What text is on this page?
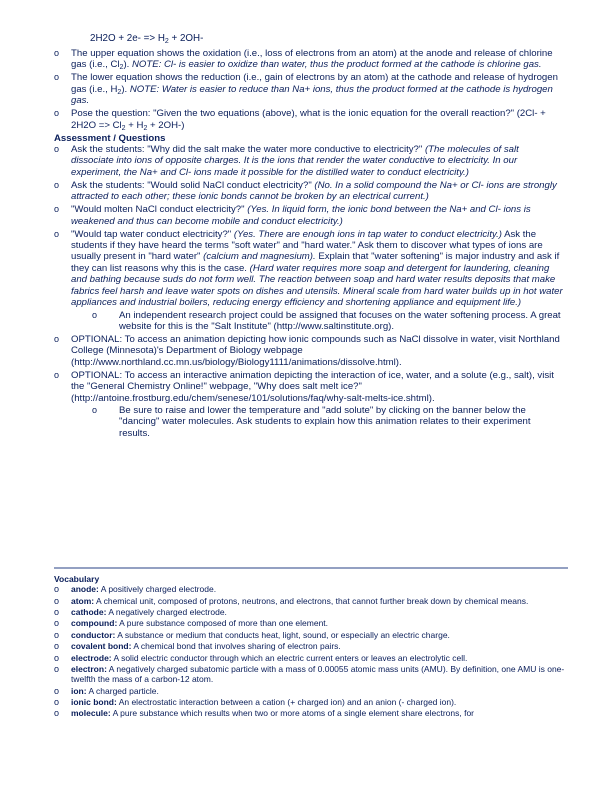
$2H2O + 2e- => H_2 + 2OH-$
o The upper equation shows the oxidation (i.e., loss of electrons from an atom) at the anode and release of chlorine gas (i.e., $Cl_2$). NOTE: Cl- is easier to oxidize than water, thus the product formed at the cathode is chlorine gas.
o The lower equation shows the reduction (i.e., gain of electrons by an atom) at the cathode and release of hydrogen gas (i.e., $H_2$). NOTE: Water is easier to reduce than Na+ ions, thus the product formed at the cathode is hydrogen gas.
o Pose the question: "Given the two equations (above), what is the ionic equation for the overall reaction?" $(2Cl- + 2H2O => Cl_2 + H_2 + 2OH-)$

Assessment / Questions

o Ask the students: "Why did the salt make the water more conductive to electricity?" (The molecules of salt dissociate into ions of opposite charges. It is the ions that render the water conductive to electricity. In our experiment, the Na+ and Cl- ions made it possible for the distilled water to conduct electricity.)
o Ask the students: "Would solid NaCl conduct electricity?" (No. In a solid compound the Na+ or Cl- ions are strongly attracted to each other; these ionic bonds cannot be broken by an electrical current.)
o "Would molten NaCl conduct electricity?" (Yes. In liquid form, the ionic bond between the Na+ and Cl- ions is weakened and thus can become mobile and conduct electricity.)
o "Would tap water conduct electricity?" (Yes. There are enough ions in tap water to conduct electricity.) Ask the students if they have heard the terms "soft water" and "hard water." Ask them to discover what types of ions are usually present in "hard water" (calcium and magnesium). Explain that "water softening" is major industry and ask if they can list reasons why this is the case. (Hard water requires more soap and detergent for laundering, cleaning and bathing because suds do not form well. The reaction between soap and hard water results deposits that make fabrics feel harsh and leave water spots on dishes and utensils. Mineral scale from hard water builds up in hot water appliances and industrial boilers, reducing energy efficiency and shortening appliance and equipment life.)
o An independent research project could be assigned that focuses on the water softening process. A great website for this is the "Salt Institute" (http://www.saltinstitute.org).
o OPTIONAL: To access an animation depicting how ionic compounds such as NaCl dissolve in water, visit Northland College (Minnesota)'s Department of Biology webpage (http://www.northland.cc.mn.us/biology/Biology1111/animations/dissolve.html).
o OPTIONAL: To access an interactive animation depicting the interaction of ice, water, and a solute (e.g., salt), visit the "General Chemistry Online!" webpage, "Why does salt melt ice?" (http://antoine.frostburg.edu/chem/senese/101/solutions/faq/why-salt-melts-ice.shtml).
o Be sure to raise and lower the temperature and "add solute" by clicking on the banner below the "dancing" water molecules. Ask students to explain how this animation relates to their experiment results.

Vocabulary

o anode: A positively charged electrode.
o atom: A chemical unit, composed of protons, neutrons, and electrons, that cannot further break down by chemical means.
o cathode: A negatively charged electrode.
o compound: A pure substance composed of more than one element.
o conductor: A substance or medium that conducts heat, light, sound, or especially an electric charge.
o covalent bond: A chemical bond that involves sharing of electron pairs.
o electrode: A solid electric conductor through which an electric current enters or leaves an electrolytic cell.
o electron: A negatively charged subatomic particle with a mass of 0.00055 atomic mass units (AMU). By definition, one AMU is one-twelfth the mass of a carbon-12 atom.
o ion: A charged particle.
o ionic bond: An electrostatic interaction between a cation (+ charged ion) and an anion (- charged ion).
o molecule: A pure substance which results when two or more atoms of a single element share electrons, for
